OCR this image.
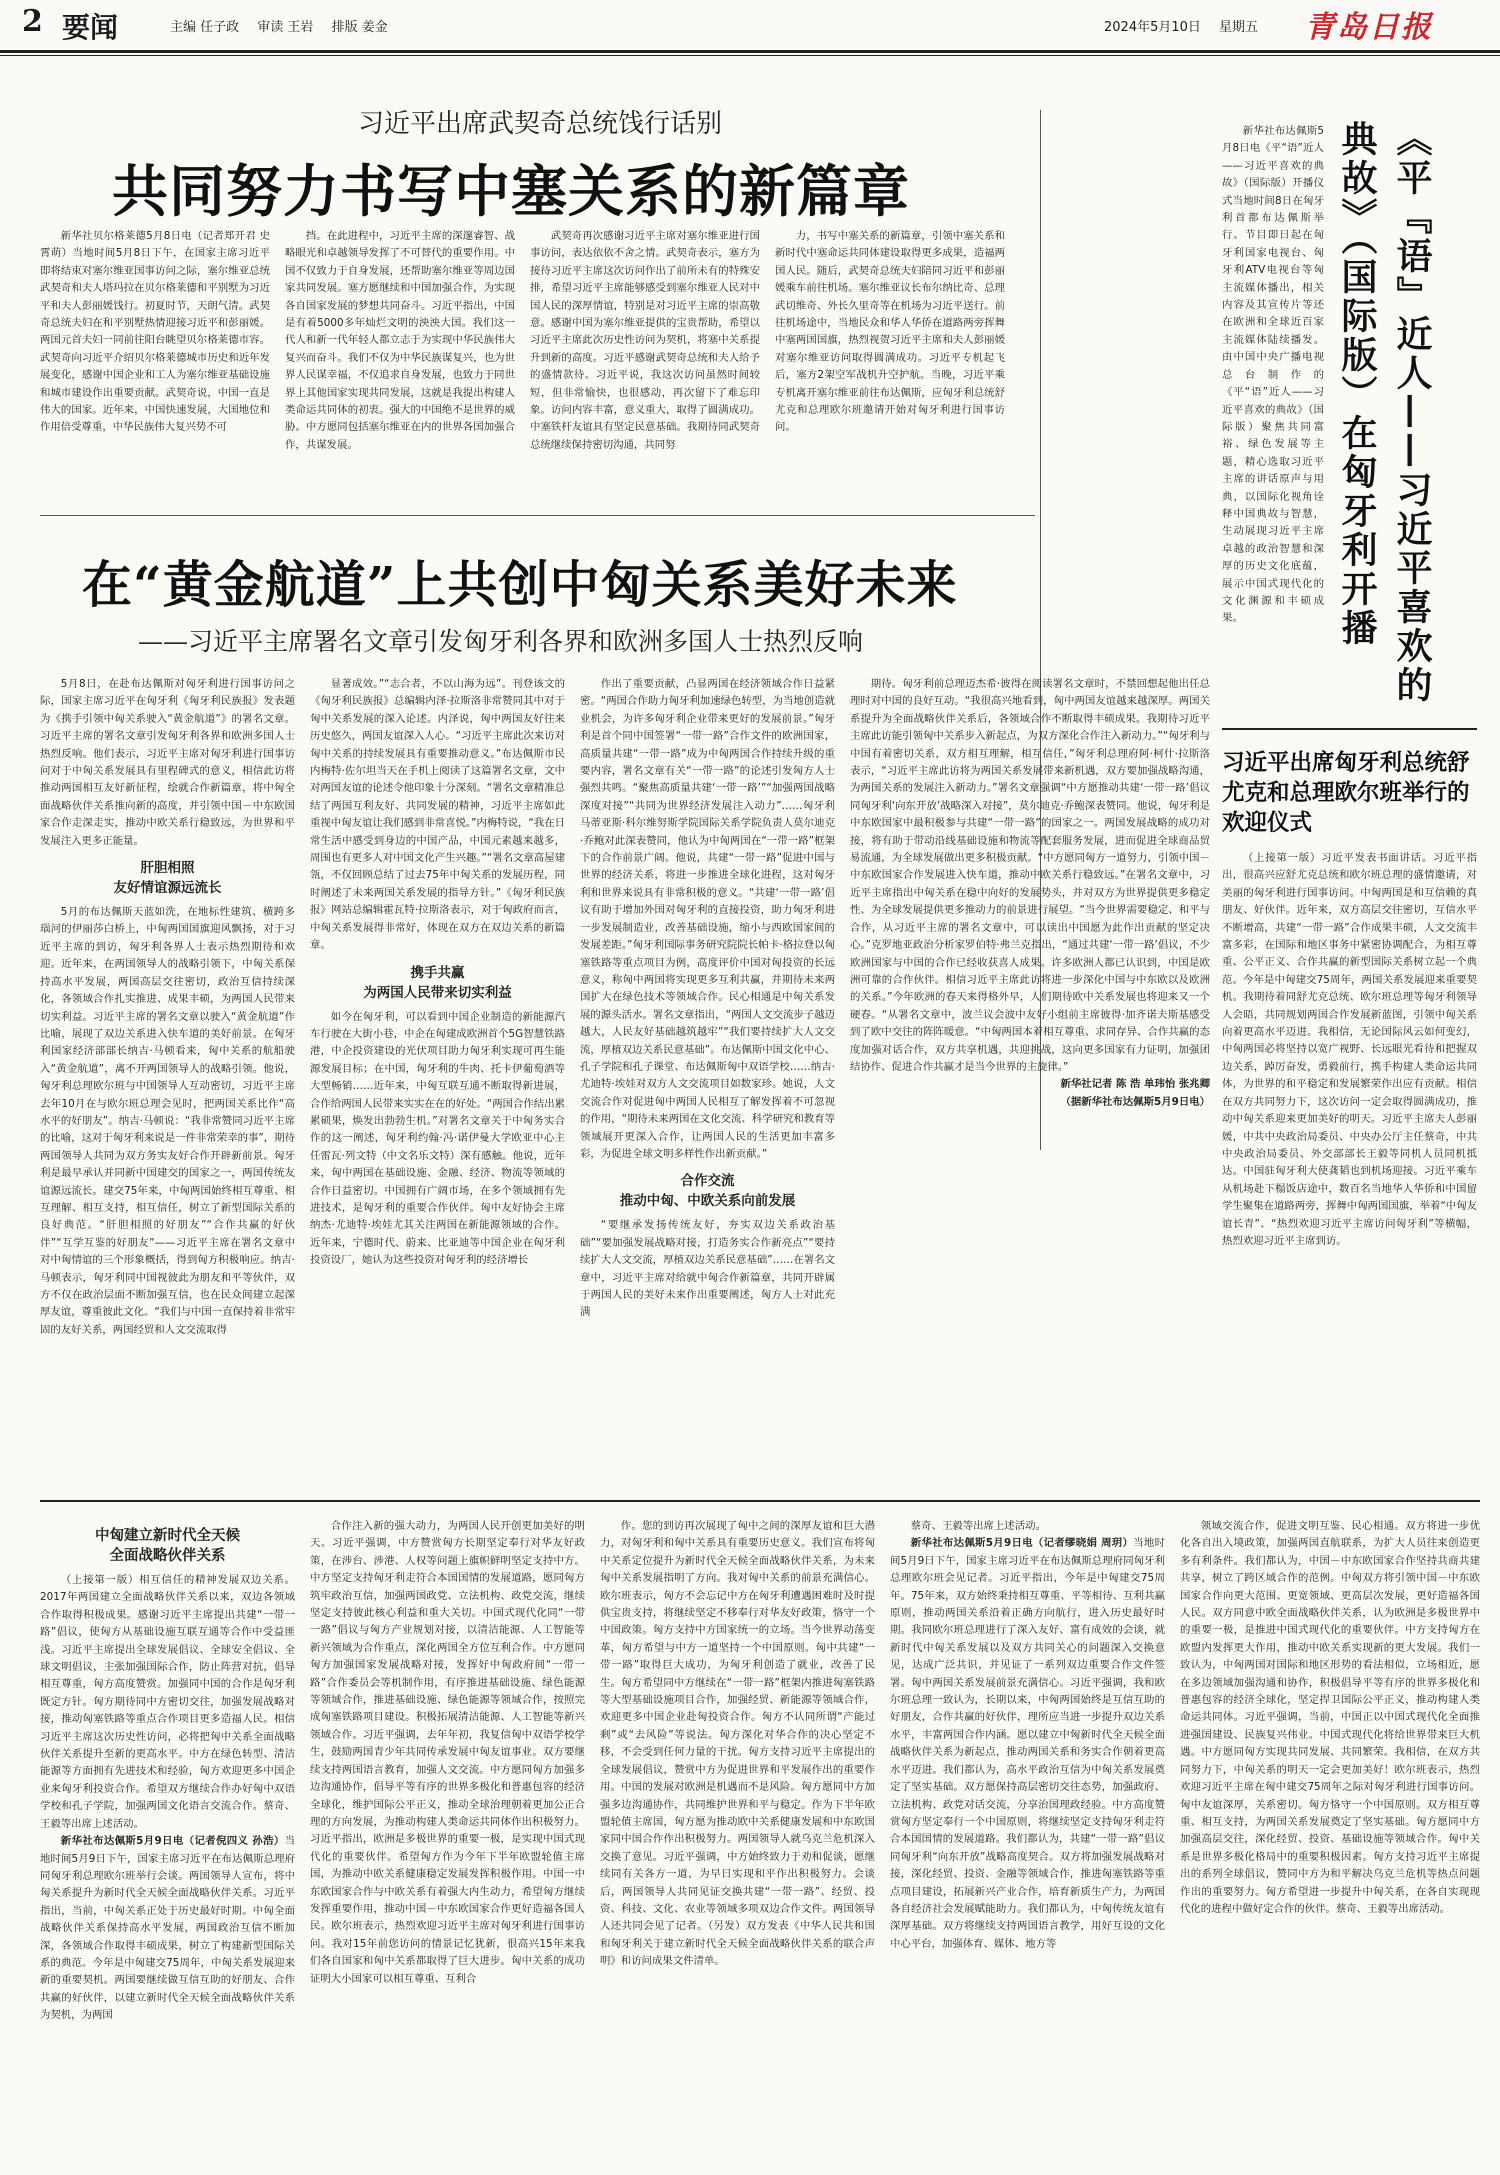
2 要闻	主编 任子政 审读 王岩 排版 姜金	2024年5月10日 星期五 青岛日报
习近平出席武契奇总统饯行话别
共同努力书写中塞关系的新篇章

新华社贝尔格莱德5月8日电（记者郑开君 史霄萌）当地时间5月8日下午，在国家主席习近平即将结束对塞尔维亚国事访问之际，塞尔维亚总统武契奇和夫人塔玛拉在贝尔格莱德和平别墅为习近平和夫人彭丽媛饯行。初夏时节，天朗气清。武契奇总统夫妇在和平别墅热情迎接习近平和彭丽媛。两国元首夫妇一同前往阳台眺望贝尔格莱德市容。武契奇向习近平介绍贝尔格莱德城市历史和近年发展变化，感谢中国企业和工人为塞尔维亚基础设施和城市建设作出重要贡献。武契奇说，中国一直是伟大的国家。近年来，中国快速发展，大国地位和作用倍受尊重，中华民族伟大复兴势不可

挡。在此进程中，习近平主席的深邃睿智、战略眼光和卓越领导发挥了不可替代的重要作用。中国不仅致力于自身发展，还帮助塞尔维亚等周边国家共同发展。塞方愿继续和中国加强合作，为实现各自国家发展的梦想共同奋斗。习近平指出，中国是有着5000多年灿烂文明的泱泱大国。我们这一代人和新一代年轻人都立志于为实现中华民族伟大复兴而奋斗。我们不仅为中华民族谋复兴，也为世界人民谋幸福，不仅追求自身发展，也致力于同世界上其他国家实现共同发展，这就是我提出构建人类命运共同体的初衷。强大的中国绝不是世界的威胁。中方愿同包括塞尔维亚在内的世界各国加强合作，共谋发展。

武契奇再次感谢习近平主席对塞尔维亚进行国事访问，表达依依不舍之情。武契奇表示，塞方为接待习近平主席这次访问作出了前所未有的特殊安排，希望习近平主席能够感受到塞尔维亚人民对中国人民的深厚情谊，特别是对习近平主席的崇高敬意。感谢中国为塞尔维亚提供的宝贵帮助，希望以习近平主席此次历史性访问为契机，将塞中关系提升到新的高度。习近平感谢武契奇总统和夫人给予的盛情款待。习近平说，我这次访问虽然时间较短，但非常愉快，也很感动，再次留下了难忘印象。访问内容丰富，意义重大，取得了圆满成功。中塞铁杆友谊具有坚定民意基础。我期待同武契奇总统继续保持密切沟通，共同努

力，书写中塞关系的新篇章，引领中塞关系和新时代中塞命运共同体建设取得更多成果，造福两国人民。随后，武契奇总统夫妇陪同习近平和彭丽媛乘车前往机场。塞尔维亚议长布尔纳比奇、总理武切维奇、外长久里奇等在机场为习近平送行。前往机场途中，当地民众和华人华侨在道路两旁挥舞中塞两国国旗，热烈视贺习近平主席和夫人彭丽媛对塞尔维亚访问取得圆满成功。习近平专机起飞后，塞方2架空军战机升空护航。当晚，习近平乘专机离开塞尔维亚前往布达佩斯，应匈牙利总统舒尤克和总理欧尔班邀请开始对匈牙利进行国事访问。	《平『语』近人——习近平喜欢的
典故》（国际版）在匈牙利开播

新华社布达佩斯5月8日电《平“语”近人——习近平喜欢的典故》（国际版）开播仪式当地时间8日在匈牙利首都布达佩斯举行。节目即日起在匈牙利国家电视台、匈牙利ATV电视台等匈主流媒体播出，相关内容及其宣传片等还在欧洲和全球近百家主流媒体陆续播发。由中国中央广播电视总台制作的《平“语”近人——习近平喜欢的典故》（国际版）聚焦共同富裕、绿色发展等主题，精心选取习近平主席的讲话原声与用典，以国际化视角诠释中国典故与智慧，生动展现习近平主席卓越的政治智慧和深厚的历史文化底蕴，展示中国式现代化的文化渊源和丰硕成果。

习近平出席匈牙利总统舒尤克和总理欧尔班举行的欢迎仪式

（上接第一版）习近平发表书面讲话。习近平指出，很高兴应舒尤克总统和欧尔班总理的盛情邀请，对美丽的匈牙利进行国事访问。中匈两国是和互信赖的真朋友、好伙伴。近年来，双方高层交往密切，互信水平不断增高，共建“一带一路”合作成果丰硕，人文交流丰富多彩，在国际和地区事务中紧密协调配合，为相互尊重、公平正义、合作共赢的新型国际关系树立起一个典范。今年是中匈建交75周年，两国关系发展迎来重要契机。我期待着同舒尤克总统、欧尔班总理等匈牙利领导人会晤，共同规划两国合作发展新蓝图，引领中匈关系向着更高水平迈进。我相信，无论国际风云如何变幻，中匈两国必将坚持以宽广视野、长远眼光看待和把握双边关系，踔厉奋发，勇毅前行，携手构建人类命运共同体，为世界的和平稳定和发展繁荣作出应有贡献。相信在双方共同努力下，这次访问一定会取得圆满成功，推动中匈关系迎来更加美好的明天。习近平主席夫人彭丽媛，中共中央政治局委员、中央办公厅主任蔡奇，中共中央政治局委员、外交部部长王毅等同机人员同机抵达。中国驻匈牙利大使龚韬也到机场迎接。习近平乘车从机场赴下榻饭店途中，数百名当地华人华侨和中国留学生聚集在道路两旁，挥舞中匈两国国旗，举着“中匈友谊长青”、“热烈欢迎习近平主席访问匈牙利”等横幅，热烈欢迎习近平主席到访。

在“黄金航道”上共创中匈关系美好未来
——习近平主席署名文章引发匈牙利各界和欧洲多国人士热烈反响

5月8日，在赴布达佩斯对匈牙利进行国事访问之际，国家主席习近平在匈牙利《匈牙利民族报》发表题为《携手引领中匈关系驶入“黄金航道”》的署名文章。习近平主席的署名文章引发匈牙利各界和欧洲多国人士热烈反响。他们表示，习近平主席对匈牙利进行国事访问对于中匈关系发展具有里程碑式的意义，相信此访将推动两国相互友好新征程，绘就合作新篇章，将中匈全面战略伙伴关系推向新的高度，并引领中国－中东欧国家合作走深走实，推动中欧关系行稳致远，为世界和平发展注入更多正能量。

肝胆相照
友好情谊源远流长

5月的布达佩斯天蓝如洗，在地标性建筑、横跨多瑙河的伊丽莎白桥上，中匈两国国旗迎风飘扬，对于习近平主席的到访，匈牙利各界人士表示热烈期待和欢迎。近年来，在两国领导人的战略引领下，中匈关系保持高水平发展，两国高层交往密切，政治互信持续深化，各领域合作扎实推进、成果丰硕，为两国人民带来切实利益。习近平主席的署名文章以驶入“黄金航道”作比喻，展现了双边关系进入快车道的美好前景。在匈牙利国家经济部部长纳吉·马顿看来，匈中关系的航船驶入“黄金航道”，离不开两国领导人的战略引领。他说，匈牙利总理欧尔班与中国领导人互动密切，习近平主席去年10月在与欧尔班总理会见时，把两国关系比作“高水平的好朋友”。纳吉·马顿说：“我非常赞同习近平主席的比喻，这对于匈牙利来说是一件非常荣幸的事”，期待两国领导人共同为双方务实友好合作开辟新前景。匈牙利是最早承认并同新中国建交的国家之一，两国传统友谊源远流长。建交75年来，中匈两国始终相互尊重、相互理解、相互支持，相互信任，树立了新型国际关系的良好典范。“肝胆相照的好朋友”“合作共赢的好伙伴”“互学互鉴的好朋友”——习近平主席在署名文章中对中匈情谊的三个形象概括，得到匈方积极响应。纳吉·马顿表示，匈牙利同中国视彼此为朋友和平等伙伴，双方不仅在政治层面不断加强互信，也在民众间建立起深厚友谊，尊重彼此文化。“我们与中国一直保持着非常牢固的友好关系，两国经贸和人文交流取得

显著成效。”“志合者，不以山海为远”。刊登该文的《匈牙利民族报》总编辑内泽·拉斯洛非常赞同其中对于匈中关系发展的深入论述。内泽说，匈中两国友好往来历史悠久，两国友谊深入人心。“习近平主席此次来访对匈中关系的持续发展具有重要推动意义。”布达佩斯市民内梅特·佐尔坦当天在手机上阅读了这篇署名文章，文中对两国友谊的论述令他印象十分深刻。“署名文章精准总结了两国互利友好、共同发展的精神，习近平主席如此重视中匈友谊让我们感到非常喜悦。”内梅特说，“我在日常生活中感受到身边的中国产品，中国元素越来越多，周围也有更多人对中国文化产生兴趣。”“署名文章高屋建瓴，不仅回顾总结了过去75年中匈关系的发展历程，同时阐述了未来两国关系发展的指导方针。”《匈牙利民族报》网站总编辑霍瓦特·拉斯洛表示，对于匈政府而言，中匈关系发展得非常好，体现在双方在双边关系的新篇章。

携手共赢
为两国人民带来切实利益

如今在匈牙利，可以看到中国企业制造的新能源汽车行驶在大街小巷，中企在匈建成欧洲首个5G智慧铁路港，中企投资建设的光伏项目助力匈牙利实现可再生能源发展目标；在中国，匈牙利的牛肉、托卡伊葡萄酒等大型畅销……近年来，中匈互联互通不断取得新进展，合作给两国人民带来实实在在的好处。“两国合作结出累累硕果，焕发出勃勃生机。”对署名文章关于中匈务实合作的这一阐述，匈牙利约翰·冯·诺伊曼大学欧亚中心主任雷瓦·列文特（中文名乐文特）深有感触。他说，近年来，匈中两国在基础设施、金融、经济、物流等领域的合作日益密切。中国拥有广阔市场，在多个领域拥有先进技术，是匈牙利的重要合作伙伴。匈中友好协会主席纳杰·尤迪特·埃娃尤其关注两国在新能源领域的合作。近年来，宁德时代、蔚来、比亚迪等中国企业在匈牙利投资设厂，她认为这些投资对匈牙利的经济增长

作出了重要贡献，凸显两国在经济领域合作日益紧密。“两国合作助力匈牙利加速绿色转型，为当地创造就业机会，为许多匈牙利企业带来更好的发展前景。”匈牙利是首个同中国签署“一带一路”合作文件的欧洲国家，高质量共建“一带一路”成为中匈两国合作持续升级的重要内容，署名文章有关“一带一路”的论述引发匈方人士强烈共鸣。“聚焦高质量共建‘一带一路’”“加强两国战略深度对接”“共同为世界经济发展注入动力”……匈牙利马蒂亚斯·科尔维努斯学院国际关系学院负责人莫尔迪克·乔鲍对此深表赞同，他认为中匈两国在“一带一路”框架下的合作前景广阔。他说，共建“一带一路”促进中国与世界的经济关系，将进一步推进全球化进程，这对匈牙利和世界来说具有非常积极的意义。“共建‘一带一路’倡议有助于增加外国对匈牙利的直接投资，助力匈牙利进一步发展制造业，改善基础设施，缩小与西欧国家间的发展差距。”匈牙利国际事务研究院院长帕卡·格拉登以匈塞铁路等重点项目为例，高度评价中国对匈投资的长远意义，称匈中两国将实现更多互利共赢，并期待未来两国扩大在绿色技术等领域合作。民心相通是中匈关系发展的源头活水。署名文章指出，“两国人文交流步子越迈越大，人民友好基础越筑越牢”“我们要持续扩大人文交流，厚植双边关系民意基础”。布达佩斯中国文化中心、孔子学院和孔子课堂、布达佩斯匈中双语学校……纳吉·尤迪特·埃娃对双方人文交流项目如数家珍。她说，人文交流合作对促进匈中两国人民相互了解发挥着不可忽视的作用，“期待未来两国在文化交流、科学研究和教育等领域展开更深入合作，让两国人民的生活更加丰富多彩，为促进全球文明多样性作出新贡献。”

合作交流
推动中匈、中欧关系向前发展

“要继承发扬传统友好，夯实双边关系政治基础”“要加强发展战略对接，打造务实合作新亮点”“要持续扩大人文交流，厚植双边关系民意基础”……在署名文章中，习近平主席对给就中匈合作新篇章，共同开辟属于两国人民的美好未来作出重要阐述，匈方人士对此充满

期待。匈牙利前总理迈杰希·彼得在阅读署名文章时，不禁回想起他出任总理时对中国的良好互动。“我很高兴地看到，匈中两国友谊越来越深厚。两国关系提升为全面战略伙伴关系后，各领域合作不断取得丰硕成果。我期待习近平主席此访能引领匈中关系步入新起点，为双方深化合作注入新动力。”“匈牙利与中国有着密切关系，双方相互理解，相互信任，”匈牙利总理府阿·柯什·拉斯洛表示，“习近平主席此访将为两国关系发展带来新机遇，双方要加强战略沟通，为两国关系的发展注入新动力。”署名文章强调“中方愿推动共建‘一带一路’倡议同匈牙利‘向东开放’战略深入对接”，莫尔迪克·乔鲍深表赞同。他说，匈牙利是中东欧国家中最积极参与共建“一带一路”的国家之一。两国发展战略的成功对接，将有助于带动沿线基础设施和物流等配套服务发展，进而促进全球商品贸易流通，为全球发展做出更多积极贡献。“中方愿同匈方一道努力，引领中国－中东欧国家合作发展进入快车道，推动中欧关系行稳致远。”在署名文章中，习近平主席指出中匈关系在稳中向好的发展势头，并对双方为世界提供更多稳定性、为全球发展提供更多推动力的前景进行展望。“当今世界需要稳定、和平与合作，从习近平主席的署名文章中，可以读出中国愿为此作出贡献的坚定决心。”克罗地亚政治分析家罗伯特·弗兰克指出，“通过共建‘一带一路’倡议，不少欧洲国家与中国的合作已经收获喜人成果。许多欧洲人都已认识到，中国是欧洲可靠的合作伙伴。相信习近平主席此访将进一步深化中国与中东欧以及欧洲的关系。”今年欧洲的春天来得格外早，人们期待欧中关系发展也将迎来又一个硬春。“从署名文章中，波兰议会波中友好小组前主席彼得·加齐诺夫斯基感受到了欧中交往的阵阵暖意。“中匈两国本着相互尊重、求同存异、合作共赢的态度加强对话合作，双方共享机遇，共迎挑战，这向更多国家有力证明，加强团结协作、促进合作共赢才是当今世界的主旋律。”

新华社记者 陈 浩 单玮怡 张兆卿

（据新华社布达佩斯5月9日电）

中匈建立新时代全天候
全面战略伙伴关系

（上接第一版）相互信任的精神发展双边关系。2017年两国建立全面战略伙伴关系以来，双边各领域合作取得积极成果。感谢习近平主席提出共建“一带一路”倡议，使匈方从基础设施互联互通等合作中受益匪浅。习近平主席提出全球发展倡议、全球安全倡议、全球文明倡议，主张加强国际合作，防止阵营对抗，倡导相互尊重，匈方高度赞赏。加强同中国的合作是匈牙利既定方针。匈方期待同中方密切交往，加强发展战略对接，推动匈塞铁路等重点合作项目更多造福人民。相信习近平主席这次历史性访问，必将把匈中关系全面战略伙伴关系提升至新的更高水平。中方在绿色转型、清洁能源等方面拥有先进技术和经验，匈方欢迎更多中国企业来匈牙利投资合作。希望双方继续合作办好匈中双语学校和孔子学院，加强两国文化语言交流合作。蔡奇、王毅等出席上述活动。

新华社布达佩斯5月9日电（记者倪四义 孙浩）当地时间5月9日下午，国家主席习近平在布达佩斯总理府同匈牙利总理欧尔班举行会谈。两国领导人宣布，将中匈关系提升为新时代全天候全面战略伙伴关系。习近平指出，当前，中匈关系正处于历史最好时期。中匈全面战略伙伴关系保持高水平发展，两国政治互信不断加深，各领域合作取得丰硕成果，树立了构建新型国际关系的典范。今年是中匈建交75周年，中匈关系发展迎来新的重要契机。两国要继续做互信互助的好朋友、合作共赢的好伙伴，以建立新时代全天候全面战略伙伴关系为契机，为两国

合作注入新的强大动力，为两国人民开创更加美好的明天。习近平强调，中方赞赏匈方长期坚定奉行对华友好政策，在涉台、涉港、人权等问题上旗帜鲜明坚定支持中方。中方坚定支持匈牙利走符合本国国情的发展道路，愿同匈方筑牢政治互信，加强两国政党、立法机构、政党交流，继续坚定支持彼此核心利益和重大关切。中国式现代化同“一带一路”倡议与匈方产业规划对接，以清洁能源、人工智能等新兴领域为合作重点，深化两国全方位互利合作。中方愿同匈方加强国家发展战略对接，发挥好中匈政府间“一带一路”合作委员会等机制作用，有序推进基础设施、绿色能源等领域合作，推进基础设施、绿色能源等领域合作，按照完成匈塞铁路项目建设。积极拓展清洁能源、人工智能等新兴领域合作。习近平强调，去年年初，我复信匈中双语学校学生，鼓励两国青少年共同传承发展中匈友谊事业。双方要继续支持两国语言教育，加强人文交流。中方愿同匈方加强多边沟通协作，倡导平等有序的世界多极化和普惠包容的经济全球化，维护国际公平正义，推动全球治理朝着更加公正合理的方向发展，为推动构建人类命运共同体作出积极努力。习近平指出，欧洲是多极世界的重要一极，是实现中国式现代化的重要伙伴。希望匈方作为今年下半年欧盟轮值主席国，为推动中欧关系健康稳定发展发挥积极作用。中国一中东欧国家合作与中欧关系有着强大内生动力，希望匈方继续发挥重要作用，推动中国－中东欧国家合作更好造福各国人民。欧尔班表示，热烈欢迎习近平主席对匈牙利进行国事访问。我对15年前您访问的情景记忆犹新，很高兴15年来我们各自国家和匈中关系都取得了巨大进步。匈中关系的成功证明大小国家可以相互尊重、互利合

作。您的到访再次展现了匈中之间的深厚友谊和巨大潜力，对匈牙利和匈中关系具有重要历史意义。我们宣布将匈中关系定位提升为新时代全天候全面战略伙伴关系，为未来匈中关系发展指明了方向。我对匈中关系的前景充满信心。欧尔班表示，匈方不会忘记中方在匈牙利遭遇困难时及时提供宝贵支持，将继续坚定不移奉行对华友好政策，恪守一个中国政策。匈方支持中方国家统一的立场。当今世界动荡变革，匈方希望与中方一道坚持一个中国原则。匈中共建“一带一路”取得巨大成功，为匈牙利创造了就业，改善了民生。匈方希望同中方继续在“一带一路”框架内推进匈塞铁路等大型基础设施项目合作，加强经贸、新能源等领域合作，欢迎更多中国企业赴匈投资合作。匈方不认同所谓“产能过剩”或“去风险”等说法。匈方深化对华合作的决心坚定不移，不会受到任何力量的干扰。匈方支持习近平主席提出的全球发展倡议，赞赏中方为促进世界和平发展作出的重要作用。中国的发展对欧洲是机遇而不是风险。匈方愿同中方加强多边沟通协作，共同维护世界和平与稳定。作为下半年欧盟轮值主席国，匈方愿为推动欧中关系健康发展和中东欧国家同中国合作作出积极努力。两国领导人就乌克兰危机深入交换了意见。习近平强调，中方始终致力于劝和促谈，愿继续同有关各方一道，为早日实现和平作出积极努力。会谈后，两国领导人共同见证交换共建“一带一路”、经贸、投资、科技、文化、农业等领域多项双边合作文件。两国领导人还共同会见了记者。（另发）双方发表《中华人民共和国和匈牙利关于建立新时代全天候全面战略伙伴关系的联合声明》和访问成果文件清单。

蔡奇、王毅等出席上述活动。

新华社布达佩斯5月9日电（记者缪晓娟 周玥）当地时间5月9日下午，国家主席习近平在布达佩斯总理府同匈牙利总理欧尔班会见记者。习近平指出，今年是中匈建交75周年。75年来，双方始终秉持相互尊重、平等相待、互利共赢原则，推动两国关系沿着正确方向航行，进入历史最好时期。我同欧尔班总理进行了深入友好、富有成效的会谈，就新时代中匈关系发展以及双方共同关心的问题深入交换意见，达成广泛共识，并见证了一系列双边重要合作文件签署。匈中两国关系发展前景充满信心。习近平强调，我和欧尔班总理一致认为，长期以来，中匈两国始终是互信互助的好朋友，合作共赢的好伙伴，理所应当进一步提升双边关系水平，丰富两国合作内涵。愿以建立中匈新时代全天候全面战略伙伴关系为新起点，推动两国关系和务实合作朝着更高水平迈进。我们都认为，高水平政治互信为中匈关系发展奠定了坚实基础。双方愿保持高层密切交往态势，加强政府、立法机构、政党对话交流，分享治国理政经验。中方高度赞赏匈方坚定奉行一个中国原则，将继续坚定支持匈牙利走符合本国国情的发展道路。我们都认为，共建“一带一路”倡议同匈牙利“向东开放”战略高度契合。双方将加强发展战略对接，深化经贸、投资、金融等领域合作，推进匈塞铁路等重点项目建设，拓展新兴产业合作，培育新质生产力，为两国各自经济社会发展赋能助力。我们都认为，中匈传统友谊有深厚基础。双方将继续支持两国语言教学，用好互设的文化中心平台，加强体育、媒体、地方等

领域交流合作，促进文明互鉴、民心相通。双方将进一步优化各自出入境政策，加强两国直航联系，为扩大人员往来创造更多有利条件。我们都认为，中国－中东欧国家合作坚持共商共建共享，树立了跨区域合作的范例。中匈双方将引领中国－中东欧国家合作向更大范围、更宽领域、更高层次发展，更好造福各国人民。双方同意中欧全面战略伙伴关系，认为欧洲是多极世界中的重要一极，是推进中国式现代化的重要伙伴。中方支持匈方在欧盟内发挥更大作用，推动中欧关系实现新的更大发展。我们一致认为，中匈两国对国际和地区形势的看法相似，立场相近，愿在多边领域加强沟通和协作，积极倡导平等有序的世界多极化和普惠包容的经济全球化，坚定捍卫国际公平正义，推动构建人类命运共同体。习近平强调，当前，中国正以中国式现代化全面推进强国建设、民族复兴伟业。中国式现代化将给世界带来巨大机遇。中方愿同匈方实现共同发展、共同繁荣。我相信，在双方共同努力下，中匈关系的明天一定会更加美好！欧尔班表示，热烈欢迎习近平主席在匈中建交75周年之际对匈牙利进行国事访问。匈中友谊深厚，关系密切。匈方恪守一个中国原则。双方相互尊重、相互支持，为两国关系发展奠定了坚实基础。匈方愿同中方加强高层交往，深化经贸、投资、基础设施等领域合作。匈中关系是世界多极化格局中的重要积极因素。匈方支持习近平主席提出的系列全球倡议，赞同中方为和平解决乌克兰危机等热点问题作出的重要努力。匈方希望进一步提升中匈关系，在各自实现现代化的进程中做好定合作的伙伴。蔡奇、王毅等出席活动。
